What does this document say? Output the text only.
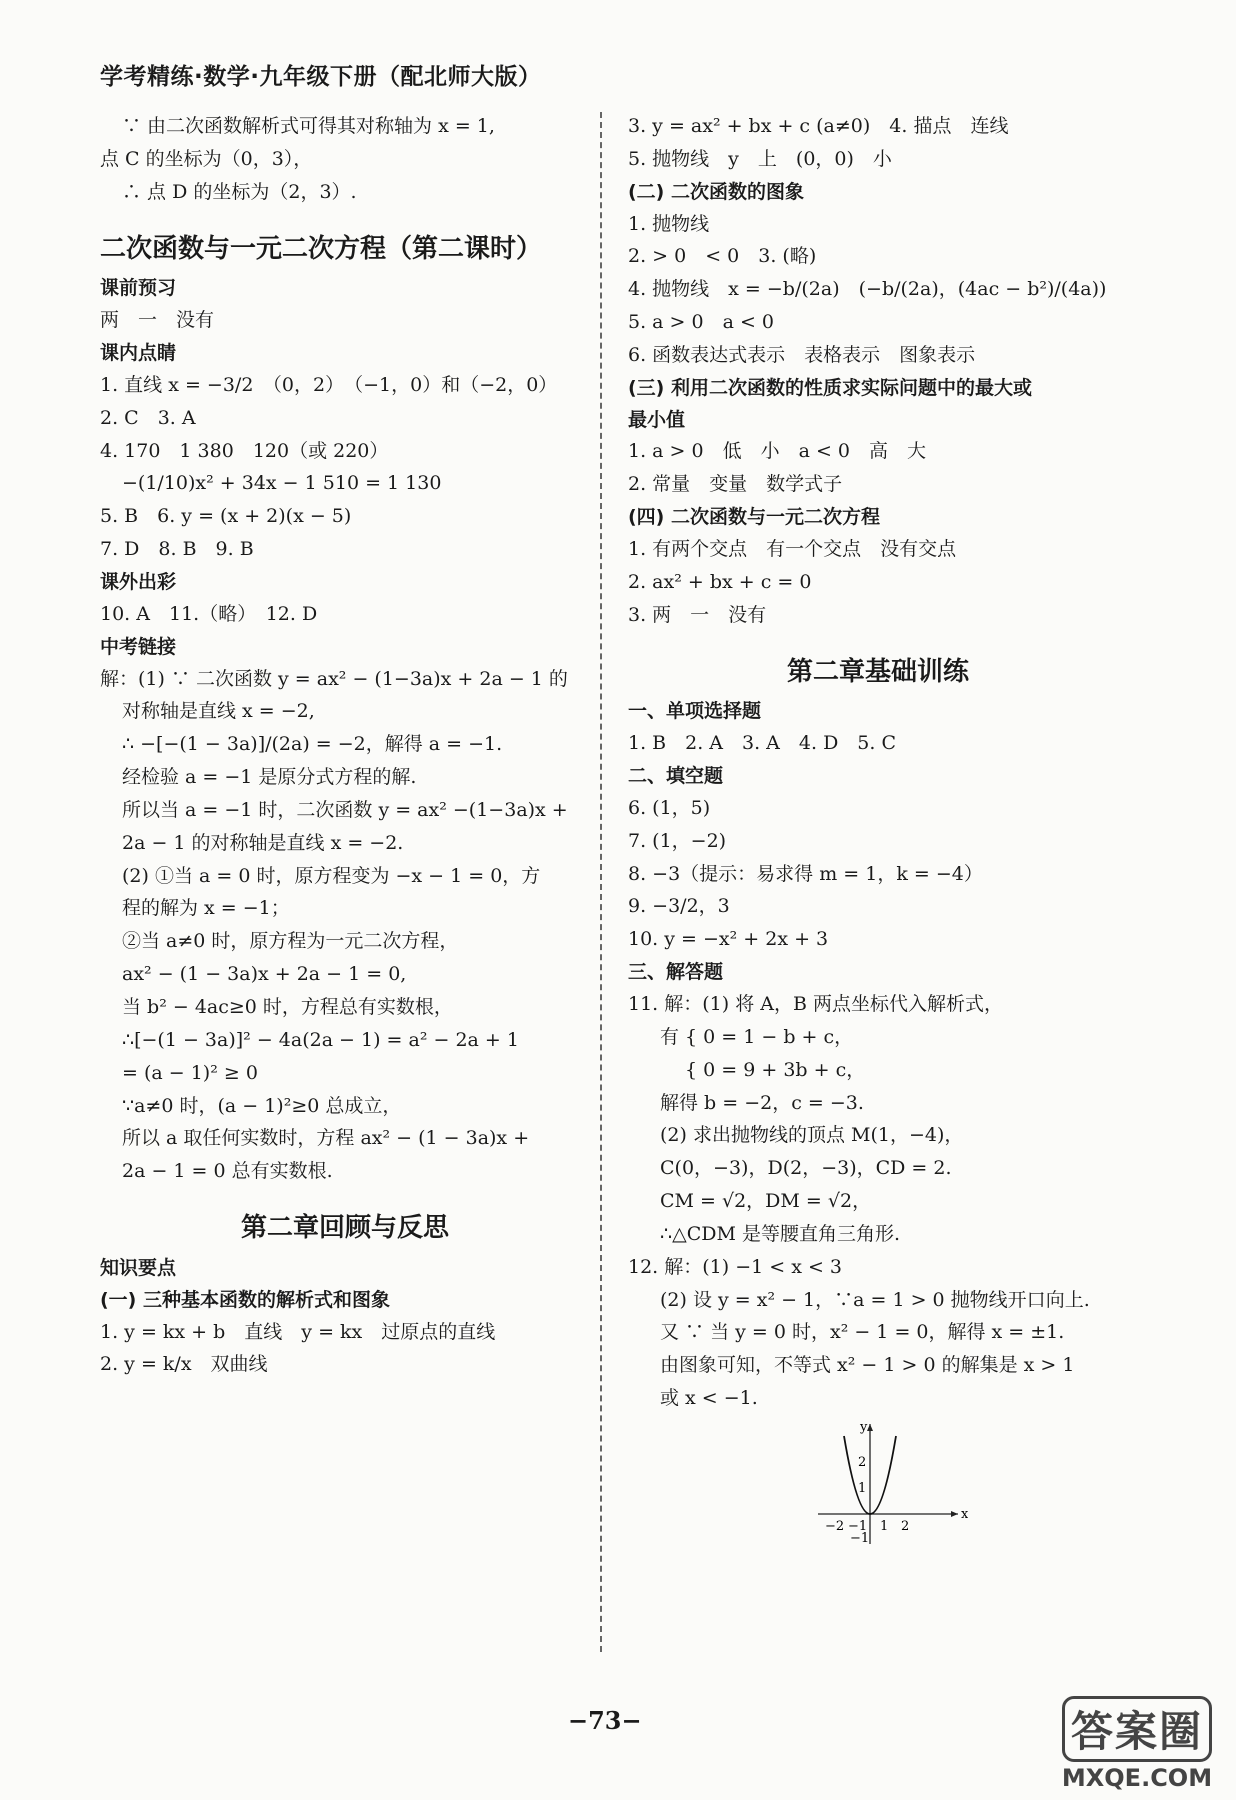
学考精练·数学·九年级下册（配北师大版）

∵ 由二次函数解析式可得其对称轴为 x = 1,

点 C 的坐标为（0，3），

∴ 点 D 的坐标为（2，3）.

二次函数与一元二次方程（第二课时）
课前预习

两　一　没有

课内点睛

1. 直线 x = −3/2　（0，2）　（−1，0）和（−2，0）

2. C　3. A

4. 170　1 380　120（或 220）

−(1/10)x² + 34x − 1 510 = 1 130

5. B　6. y = (x + 2)(x − 5)

7. D　8. B　9. B

课外出彩

10. A　11.（略）　12. D

中考链接

解：(1) ∵ 二次函数 y = ax² − (1−3a)x + 2a − 1 的

对称轴是直线 x = −2,

∴ −[−(1 − 3a)]/(2a) = −2，解得 a = −1.

经检验 a = −1 是原分式方程的解.

所以当 a = −1 时，二次函数 y = ax² −(1−3a)x +

2a − 1 的对称轴是直线 x = −2.

(2) ①当 a = 0 时，原方程变为 −x − 1 = 0，方

程的解为 x = −1；

②当 a≠0 时，原方程为一元二次方程，

ax² − (1 − 3a)x + 2a − 1 = 0,

当 b² − 4ac≥0 时，方程总有实数根，

∴[−(1 − 3a)]² − 4a(2a − 1) = a² − 2a + 1

= (a − 1)² ≥ 0

∵a≠0 时，(a − 1)²≥0 总成立，

所以 a 取任何实数时，方程 ax² − (1 − 3a)x +

2a − 1 = 0 总有实数根.

第二章回顾与反思
知识要点
(一) 三种基本函数的解析式和图象

1. y = kx + b　直线　y = kx　过原点的直线

2. y = k/x　双曲线

3. y = ax² + bx + c (a≠0)　4. 描点　连线

5. 抛物线　y　上　(0，0)　小

(二) 二次函数的图象

1. 抛物线

2. > 0　< 0　3. (略)

4. 抛物线　x = −b/(2a)　(−b/(2a)，(4ac − b²)/(4a))

5. a > 0　a < 0

6. 函数表达式表示　表格表示　图象表示

(三) 利用二次函数的性质求实际问题中的最大或
最小值

1. a > 0　低　小　a < 0　高　大

2. 常量　变量　数学式子

(四) 二次函数与一元二次方程

1. 有两个交点　有一个交点　没有交点

2. ax² + bx + c = 0

3. 两　一　没有

第二章基础训练
一、单项选择题

1. B　2. A　3. A　4. D　5. C

二、填空题

6. (1，5)

7. (1，−2)

8. −3（提示：易求得 m = 1，k = −4）

9. −3/2，3

10. y = −x² + 2x + 3

三、解答题

11. 解：(1) 将 A，B 两点坐标代入解析式，

有 { 0 = 1 − b + c，

　 { 0 = 9 + 3b + c，

解得 b = −2，c = −3.

(2) 求出抛物线的顶点 M(1，−4)，

C(0，−3)，D(2，−3)，CD = 2.

CM = √2，DM = √2，

∴△CDM 是等腰直角三角形.

12. 解：(1) −1 < x < 3

(2) 设 y = x² − 1，∵a = 1 > 0 抛物线开口向上.

又 ∵ 当 y = 0 时，x² − 1 = 0，解得 x = ±1.

由图象可知，不等式 x² − 1 > 0 的解集是 x > 1

或 x < −1.

x
y
−2 −1 1 2
2
1
−1
−73−	答案圈
MXQE.COM
